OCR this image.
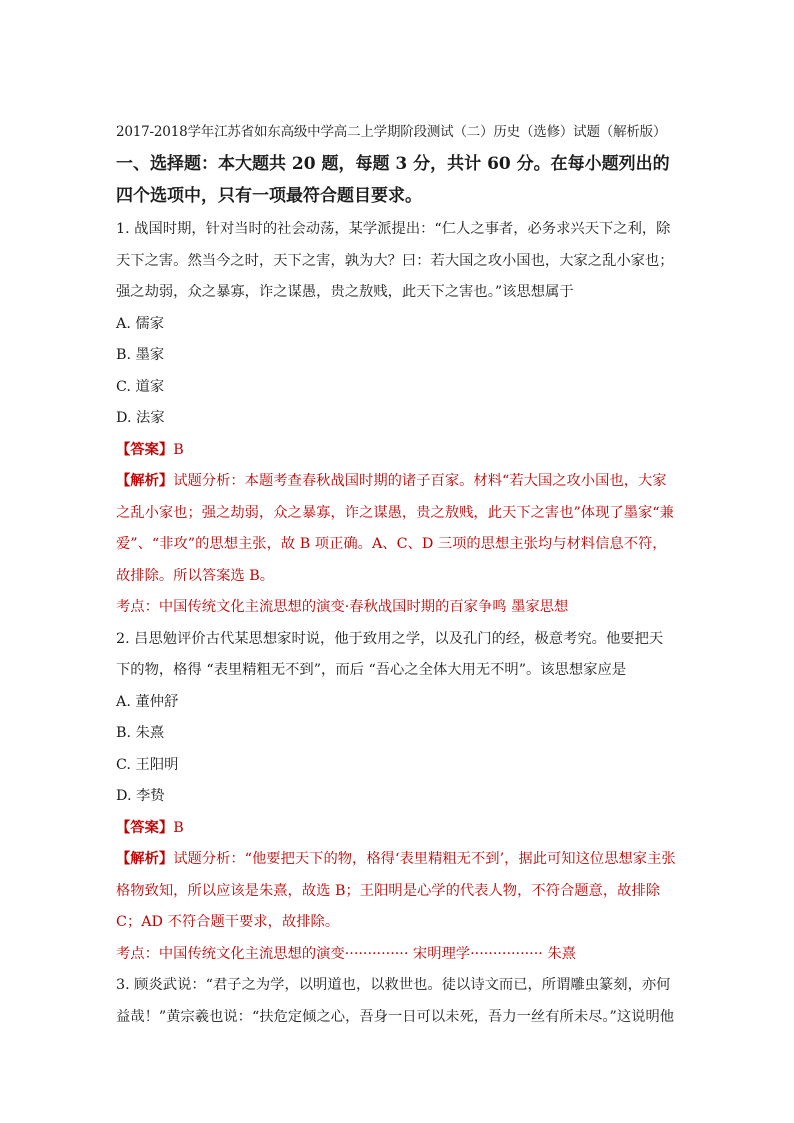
2017-2018学年江苏省如东高级中学高二上学期阶段测试（二）历史（选修）试题（解析版）

一、选择题：本大题共 20 题，每题 3 分，共计 60 分。在每小题列出的四个选项中，只有一项最符合题目要求。

1. 战国时期，针对当时的社会动荡，某学派提出：“仁人之事者，必务求兴天下之利，除天下之害。然当今之时，天下之害，孰为大？曰：若大国之攻小国也，大家之乱小家也；强之劫弱，众之暴寡，诈之谋愚，贵之敖贱，此天下之害也。”该思想属于

A. 儒家

B. 墨家

C. 道家

D. 法家

【答案】B

【解析】试题分析：本题考查春秋战国时期的诸子百家。材料“若大国之攻小国也，大家之乱小家也；强之劫弱，众之暴寡，诈之谋愚，贵之敖贱，此天下之害也”体现了墨家“兼爱”、“非攻”的思想主张，故 B 项正确。A、C、D 三项的思想主张均与材料信息不符，故排除。所以答案选 B。

考点：中国传统文化主流思想的演变·春秋战国时期的百家争鸣 墨家思想

2. 吕思勉评价古代某思想家时说，他于致用之学，以及孔门的经，极意考究。他要把天下的物，格得 “表里精粗无不到”，而后 “吾心之全体大用无不明”。该思想家应是

A. 董仲舒

B. 朱熹

C. 王阳明

D. 李贽

【答案】B

【解析】试题分析：“他要把天下的物，格得‘表里精粗无不到’，据此可知这位思想家主张格物致知，所以应该是朱熹，故选 B；王阳明是心学的代表人物，不符合题意，故排除 C；AD 不符合题干要求，故排除。

考点：中国传统文化主流思想的演变·············· 宋明理学················ 朱熹

3. 顾炎武说：“君子之为学，以明道也，以救世也。徒以诗文而已，所谓雕虫篆刻，亦何益哉！”黄宗羲也说：“扶危定倾之心，吾身一日可以未死，吾力一丝有所未尽。”这说明他
